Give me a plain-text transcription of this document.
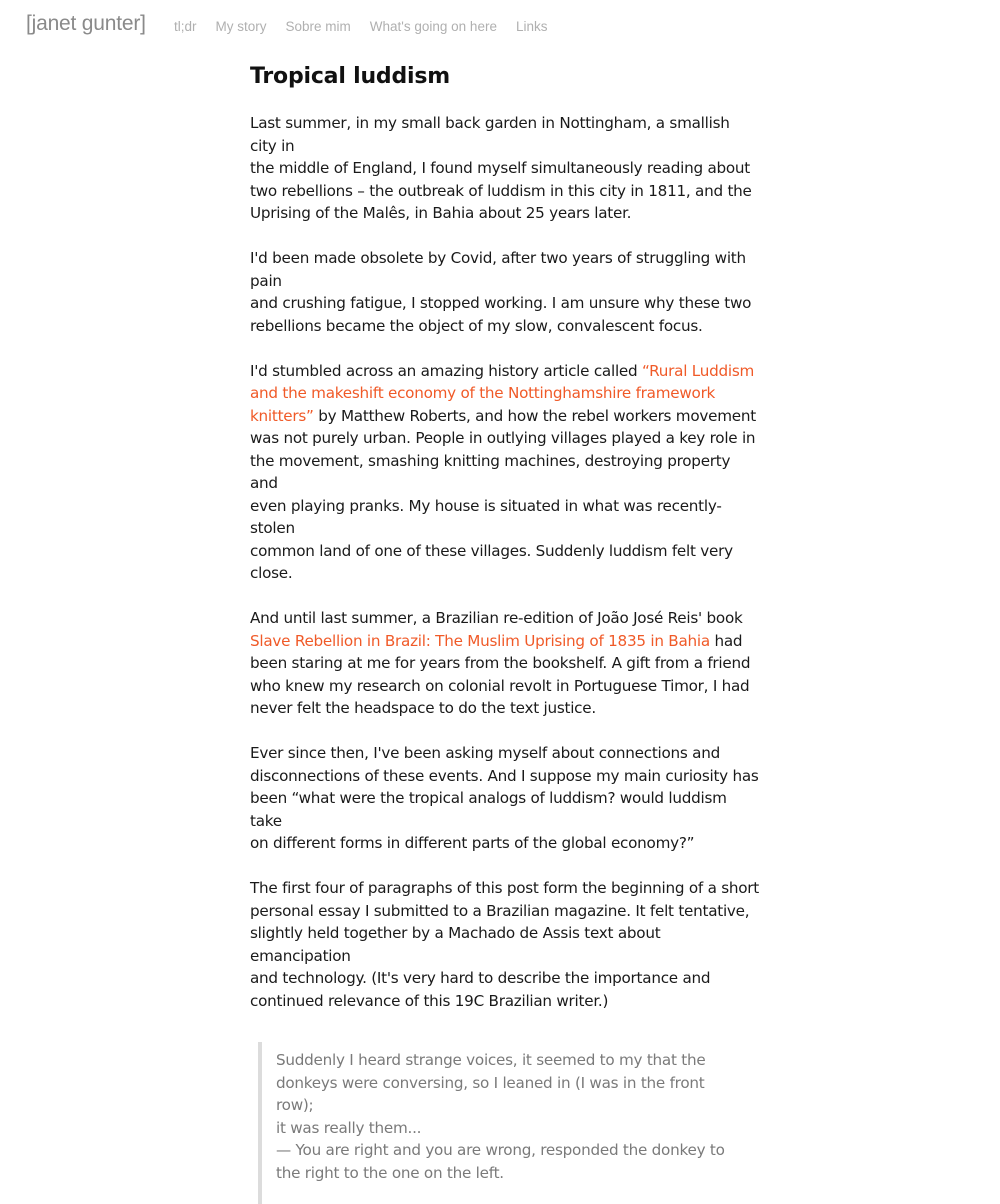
[janet gunter] tl;dr My story Sobre mim What's going on here Links
Tropical luddism

Last summer, in my small back garden in Nottingham, a smallish city in
the middle of England, I found myself simultaneously reading about
two rebellions – the outbreak of luddism in this city in 1811, and the
Uprising of the Malês, in Bahia about 25 years later.

I'd been made obsolete by Covid, after two years of struggling with pain
and crushing fatigue, I stopped working. I am unsure why these two
rebellions became the object of my slow, convalescent focus.

I'd stumbled across an amazing history article called “Rural Luddism
and the makeshift economy of the Nottinghamshire framework
knitters” by Matthew Roberts, and how the rebel workers movement
was not purely urban. People in outlying villages played a key role in
the movement, smashing knitting machines, destroying property and
even playing pranks. My house is situated in what was recently-stolen
common land of one of these villages. Suddenly luddism felt very close.

And until last summer, a Brazilian re-edition of João José Reis' book
Slave Rebellion in Brazil: The Muslim Uprising of 1835 in Bahia had
been staring at me for years from the bookshelf. A gift from a friend
who knew my research on colonial revolt in Portuguese Timor, I had
never felt the headspace to do the text justice.

Ever since then, I've been asking myself about connections and
disconnections of these events. And I suppose my main curiosity has
been “what were the tropical analogs of luddism? would luddism take
on different forms in different parts of the global economy?”

The first four of paragraphs of this post form the beginning of a short
personal essay I submitted to a Brazilian magazine. It felt tentative,
slightly held together by a Machado de Assis text about emancipation
and technology. (It's very hard to describe the importance and
continued relevance of this 19C Brazilian writer.)

Suddenly I heard strange voices, it seemed to my that the
donkeys were conversing, so I leaned in (I was in the front row);
it was really them...
— You are right and you are wrong, responded the donkey to
the right to the one on the left.
